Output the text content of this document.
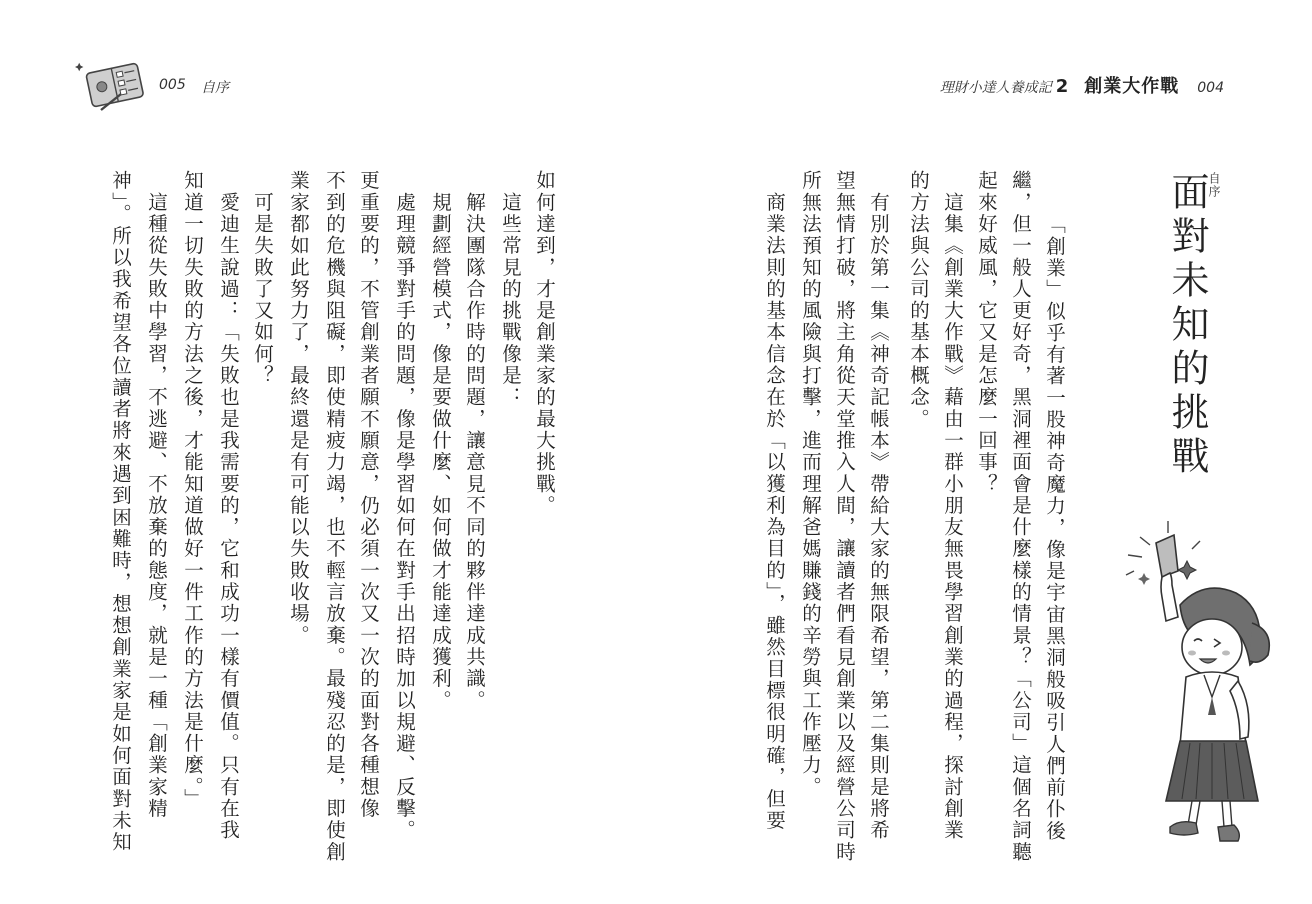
005 自序	理財小達人養成記 2 創業大作戰 004
自序
面對未知的挑戰
「創業」似乎有著一股神奇魔力，像是宇宙黑洞般吸引人們前仆後
繼，但一般人更好奇，黑洞裡面會是什麼樣的情景？「公司」這個名詞聽
起來好威風，它又是怎麼一回事？
　這集《創業大作戰》藉由一群小朋友無畏學習創業的過程，探討創業
的方法與公司的基本概念。
　有別於第一集《神奇記帳本》帶給大家的無限希望，第二集則是將希
望無情打破，將主角從天堂推入人間，讓讀者們看見創業以及經營公司時
所無法預知的風險與打擊，進而理解爸媽賺錢的辛勞與工作壓力。
　商業法則的基本信念在於「以獲利為目的」，雖然目標很明確，但要
如何達到，才是創業家的最大挑戰。
　這些常見的挑戰像是：
　解決團隊合作時的問題，讓意見不同的夥伴達成共識。
　規劃經營模式，像是要做什麼、如何做才能達成獲利。
　處理競爭對手的問題，像是學習如何在對手出招時加以規避、反擊。
更重要的，不管創業者願不願意，仍必須一次又一次的面對各種想像
不到的危機與阻礙，即使精疲力竭，也不輕言放棄。最殘忍的是，即使創
業家都如此努力了，最終還是有可能以失敗收場。
　可是失敗了又如何？
　愛迪生說過：「失敗也是我需要的，它和成功一樣有價值。只有在我
知道一切失敗的方法之後，才能知道做好一件工作的方法是什麼。」
　這種從失敗中學習，不逃避、不放棄的態度，就是一種「創業家精
神」。所以我希望各位讀者將來遇到困難時，想想創業家是如何面對未知
